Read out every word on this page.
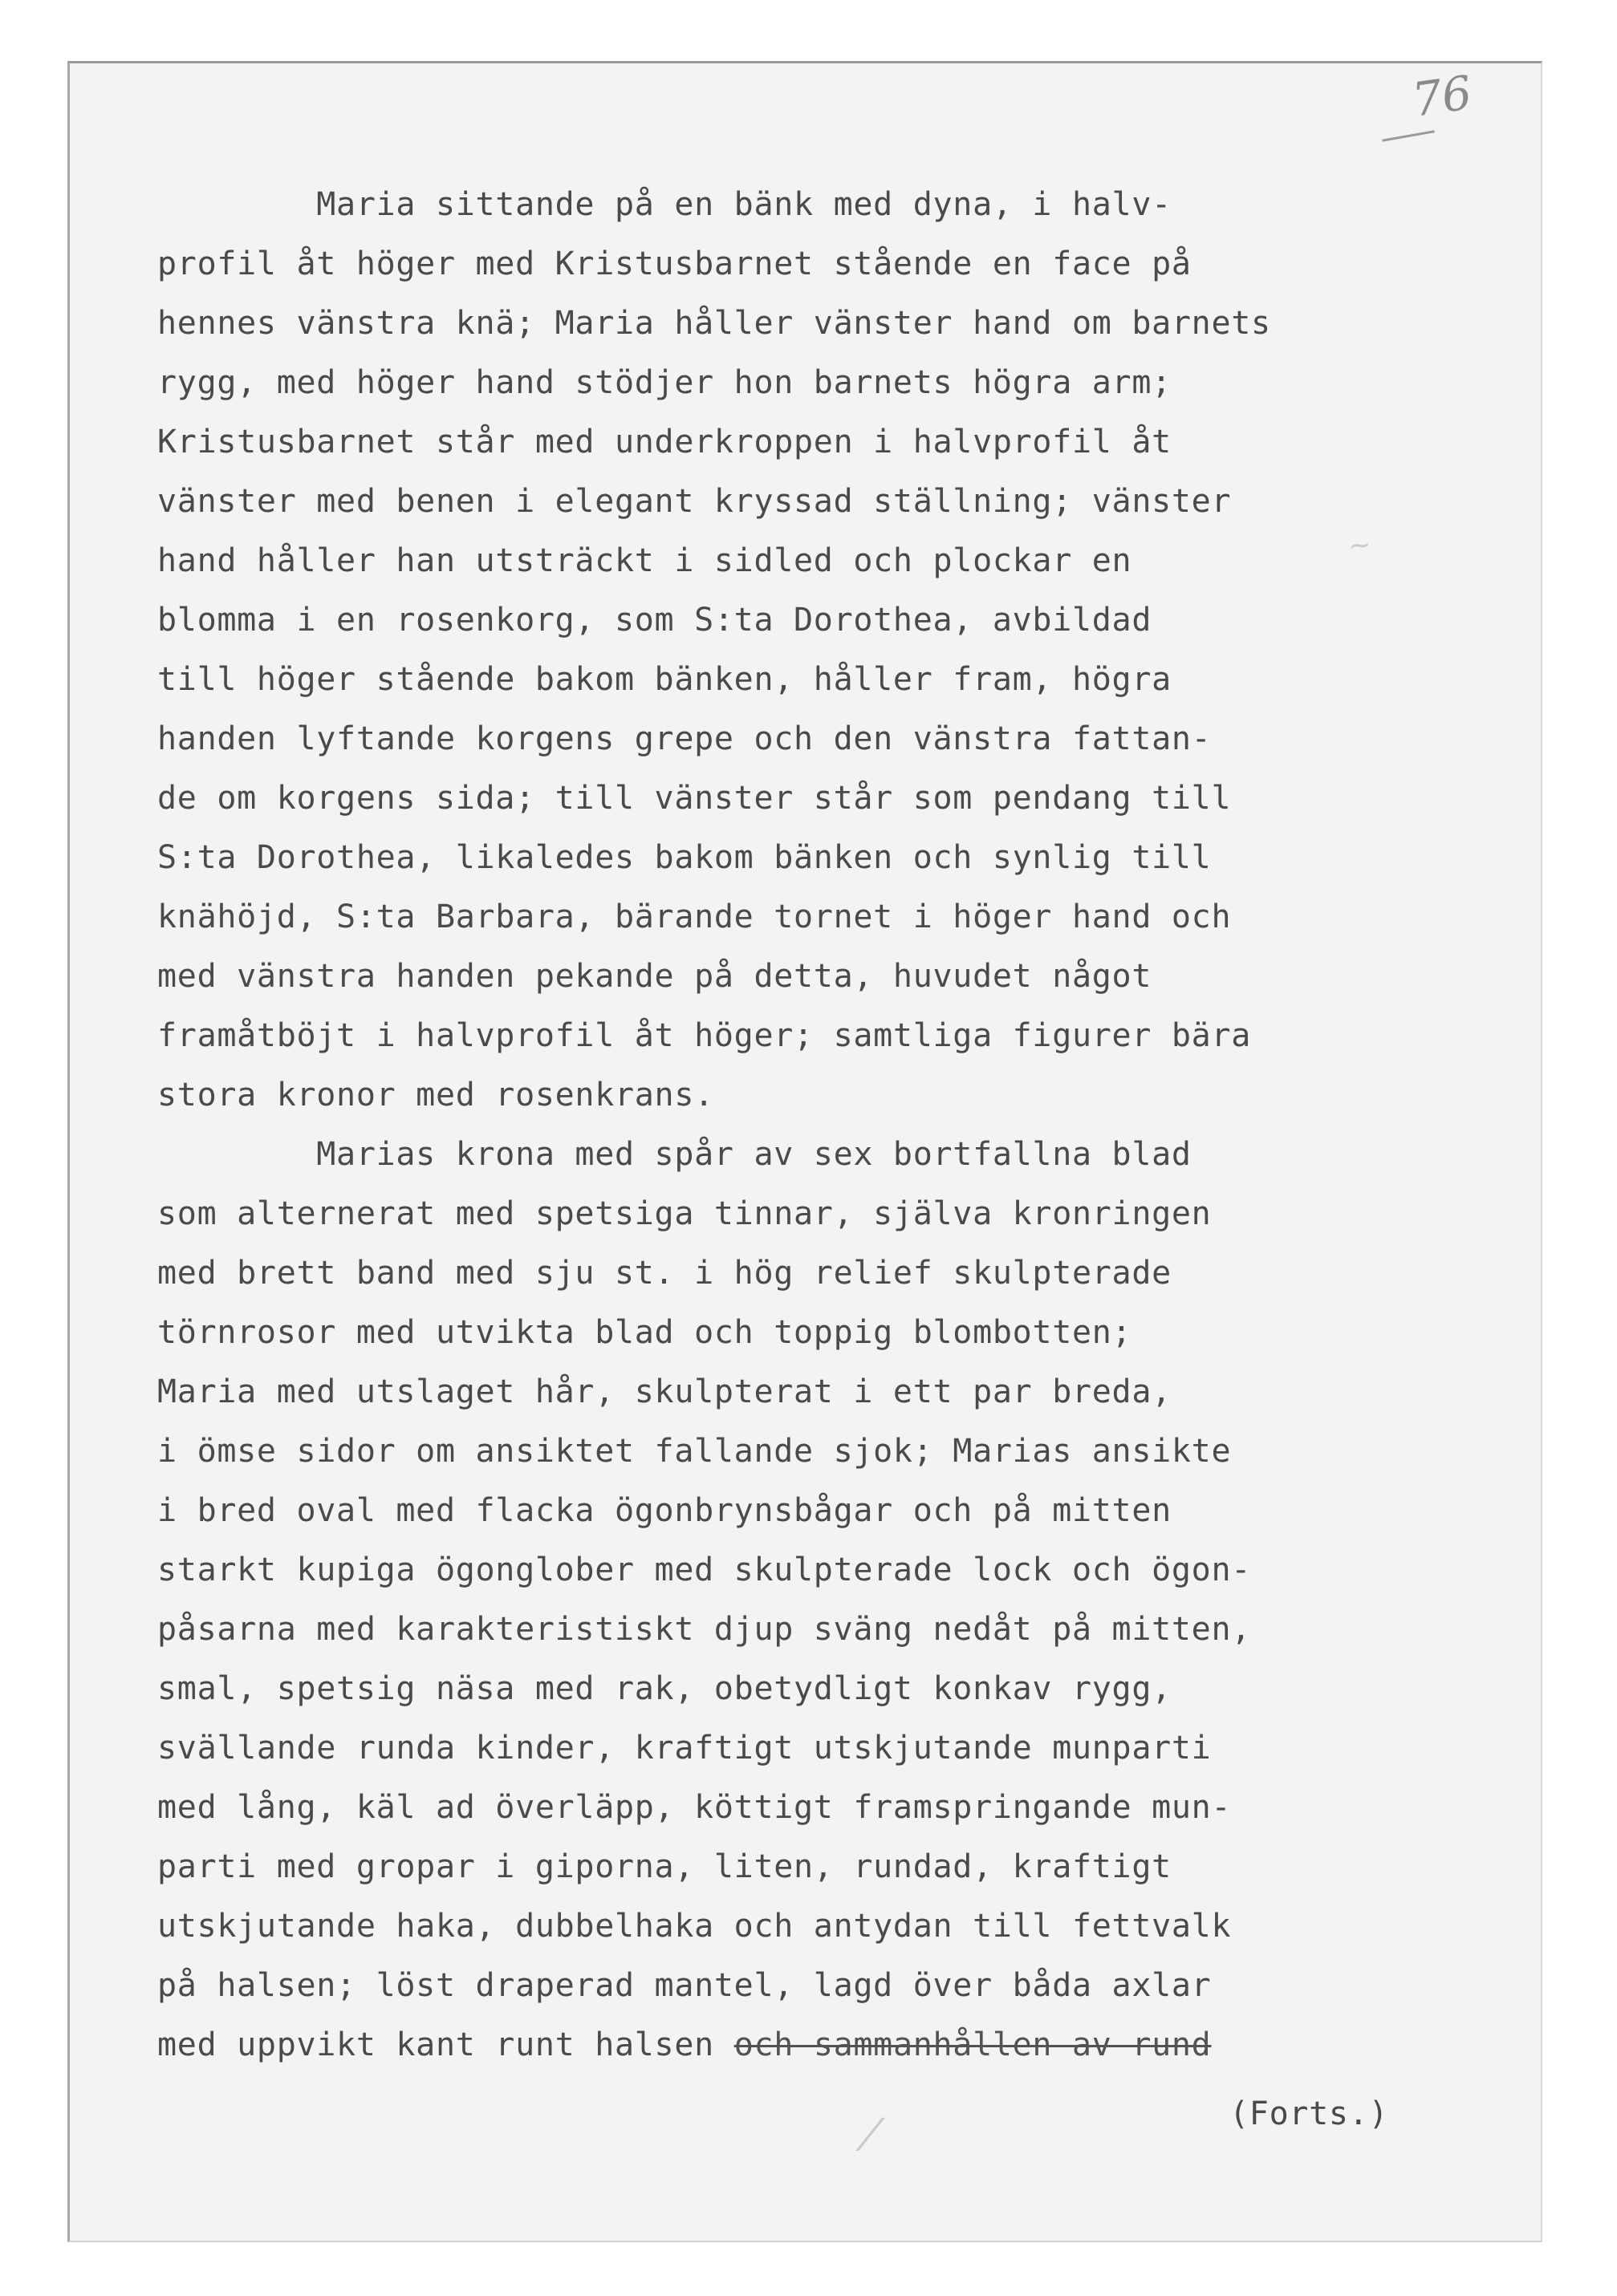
76
~
⁄
Maria sittande på en bänk med dyna, i halv-
profil åt höger med Kristusbarnet stående en face på
hennes vänstra knä; Maria håller vänster hand om barnets
rygg, med höger hand stödjer hon barnets högra arm;
Kristusbarnet står med underkroppen i halvprofil åt
vänster med benen i elegant kryssad ställning; vänster
hand håller han utsträckt i sidled och plockar en
blomma i en rosenkorg, som S:ta Dorothea, avbildad
till höger stående bakom bänken, håller fram, högra
handen lyftande korgens grepe och den vänstra fattan-
de om korgens sida; till vänster står som pendang till
S:ta Dorothea, likaledes bakom bänken och synlig till
knähöjd, S:ta Barbara, bärande tornet i höger hand och
med vänstra handen pekande på detta, huvudet något
framåtböjt i halvprofil åt höger; samtliga figurer bära
stora kronor med rosenkrans.
Marias krona med spår av sex bortfallna blad
som alternerat med spetsiga tinnar, själva kronringen
med brett band med sju st. i hög relief skulpterade
törnrosor med utvikta blad och toppig blombotten;
Maria med utslaget hår, skulpterat i ett par breda,
i ömse sidor om ansiktet fallande sjok; Marias ansikte
i bred oval med flacka ögonbrynsbågar och på mitten
starkt kupiga ögonglober med skulpterade lock och ögon-
påsarna med karakteristiskt djup sväng nedåt på mitten,
smal, spetsig näsa med rak, obetydligt konkav rygg,
svällande runda kinder, kraftigt utskjutande munparti
med lång, käl ad överläpp, köttigt framspringande mun-
parti med gropar i giporna, liten, rundad, kraftigt
utskjutande haka, dubbelhaka och antydan till fettvalk
på halsen; löst draperad mantel, lagd över båda axlar
med uppvikt kant runt halsen och sammanhållen av rund
(Forts.)
